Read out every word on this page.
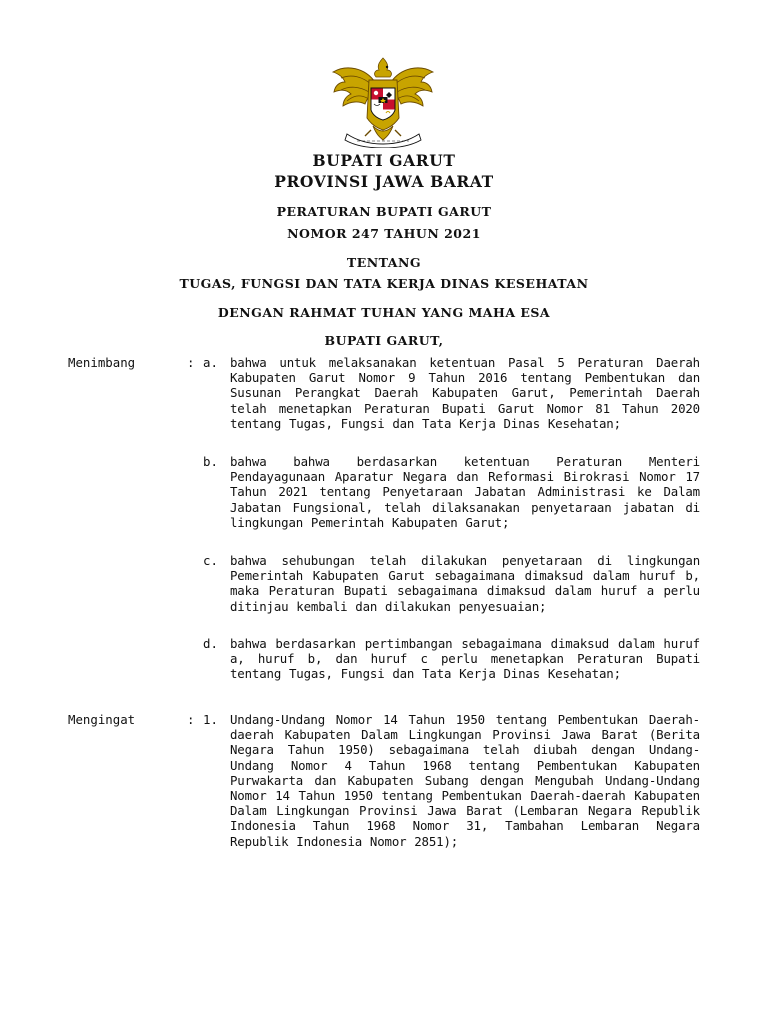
BUPATI GARUT
PROVINSI JAWA BARAT
PERATURAN BUPATI GARUT
NOMOR 247 TAHUN 2021
TENTANG
TUGAS, FUNGSI DAN TATA KERJA DINAS KESEHATAN
DENGAN RAHMAT TUHAN YANG MAHA ESA
BUPATI GARUT,
Menimbang	: a. bahwa untuk melaksanakan ketentuan Pasal 5 Peraturan Daerah Kabupaten Garut Nomor 9 Tahun 2016 tentang Pembentukan dan Susunan Perangkat Daerah Kabupaten Garut, Pemerintah Daerah telah menetapkan Peraturan Bupati Garut Nomor 81 Tahun 2020 tentang Tugas, Fungsi dan Tata Kerja Dinas Kesehatan;
b. bahwa bahwa berdasarkan ketentuan Peraturan Menteri Pendayagunaan Aparatur Negara dan Reformasi Birokrasi Nomor 17 Tahun 2021 tentang Penyetaraan Jabatan Administrasi ke Dalam Jabatan Fungsional, telah dilaksanakan penyetaraan jabatan di lingkungan Pemerintah Kabupaten Garut;
c. bahwa sehubungan telah dilakukan penyetaraan di lingkungan Pemerintah Kabupaten Garut sebagaimana dimaksud dalam huruf b, maka Peraturan Bupati sebagaimana dimaksud dalam huruf a perlu ditinjau kembali dan dilakukan penyesuaian;
d. bahwa berdasarkan pertimbangan sebagaimana dimaksud dalam huruf a, huruf b, dan huruf c perlu menetapkan Peraturan Bupati tentang Tugas, Fungsi dan Tata Kerja Dinas Kesehatan;
Mengingat	: 1. Undang-Undang Nomor 14 Tahun 1950 tentang Pembentukan Daerah-daerah Kabupaten Dalam Lingkungan Provinsi Jawa Barat (Berita Negara Tahun 1950) sebagaimana telah diubah dengan Undang-Undang Nomor 4 Tahun 1968 tentang Pembentukan Kabupaten Purwakarta dan Kabupaten Subang dengan Mengubah Undang-Undang Nomor 14 Tahun 1950 tentang Pembentukan Daerah-daerah Kabupaten Dalam Lingkungan Provinsi Jawa Barat (Lembaran Negara Republik Indonesia Tahun 1968 Nomor 31, Tambahan Lembaran Negara Republik Indonesia Nomor 2851);
